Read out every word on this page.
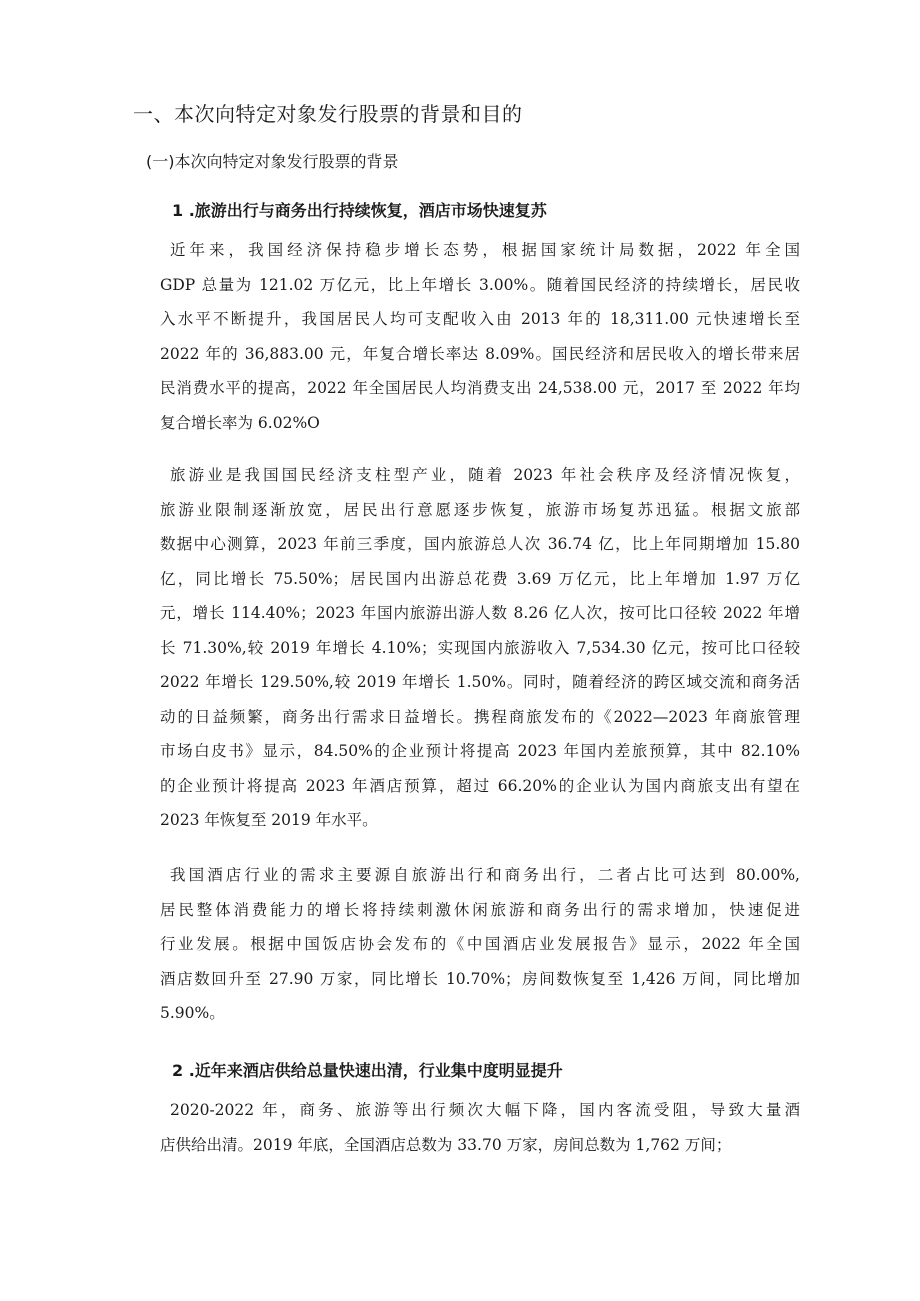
一、本次向特定对象发行股票的背景和目的
(一)本次向特定对象发行股票的背景
1 .旅游出行与商务出行持续恢复，酒店市场快速复苏
近年来，我国经济保持稳步增长态势，根据国家统计局数据，2022 年全国
GDP 总量为 121.02 万亿元，比上年增长 3.00%。随着国民经济的持续增长，居民收
入水平不断提升，我国居民人均可支配收入由 2013 年的 18,311.00 元快速增长至
2022 年的 36,883.00 元，年复合增长率达 8.09%。国民经济和居民收入的增长带来居
民消费水平的提高，2022 年全国居民人均消费支出 24,538.00 元，2017 至 2022 年均
复合增长率为 6.02%O
旅游业是我国国民经济支柱型产业，随着 2023 年社会秩序及经济情况恢复，
旅游业限制逐渐放宽，居民出行意愿逐步恢复，旅游市场复苏迅猛。根据文旅部
数据中心测算，2023 年前三季度，国内旅游总人次 36.74 亿，比上年同期增加 15.80
亿，同比增长 75.50%；居民国内出游总花费 3.69 万亿元，比上年增加 1.97 万亿
元，增长 114.40%；2023 年国内旅游出游人数 8.26 亿人次，按可比口径较 2022 年增
长 71.30%,较 2019 年增长 4.10%；实现国内旅游收入 7,534.30 亿元，按可比口径较
2022 年增长 129.50%,较 2019 年增长 1.50%。同时，随着经济的跨区域交流和商务活
动的日益频繁，商务出行需求日益增长。携程商旅发布的《2022—2023 年商旅管理
市场白皮书》显示，84.50%的企业预计将提高 2023 年国内差旅预算，其中 82.10%
的企业预计将提高 2023 年酒店预算，超过 66.20%的企业认为国内商旅支出有望在
2023 年恢复至 2019 年水平。
我国酒店行业的需求主要源自旅游出行和商务出行，二者占比可达到 80.00%,
居民整体消费能力的增长将持续刺激休闲旅游和商务出行的需求增加，快速促进
行业发展。根据中国饭店协会发布的《中国酒店业发展报告》显示，2022 年全国
酒店数回升至 27.90 万家，同比增长 10.70%；房间数恢复至 1,426 万间，同比增加
5.90%。
2 .近年来酒店供给总量快速出清，行业集中度明显提升
2020-2022 年，商务、旅游等出行频次大幅下降，国内客流受阻，导致大量酒
店供给出清。2019 年底，全国酒店总数为 33.70 万家，房间总数为 1,762 万间；
